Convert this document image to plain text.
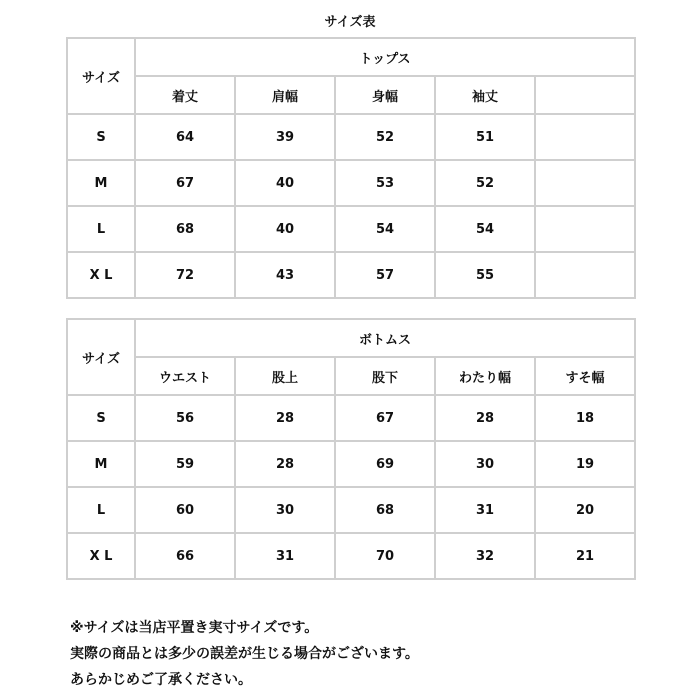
サイズ表
サイズ	トップス				
	着丈	肩幅	身幅	袖丈	
S	64	39	52	51	
M	67	40	53	52	
L	68	40	54	54	
X L	72	43	57	55	
サイズ	ボトムス				
	ウエスト	股上	股下	わたり幅	すそ幅
S	56	28	67	28	18
M	59	28	69	30	19
L	60	30	68	31	20
X L	66	31	70	32	21
※サイズは当店平置き実寸サイズです。
実際の商品とは多少の誤差が生じる場合がございます。
あらかじめご了承ください。
